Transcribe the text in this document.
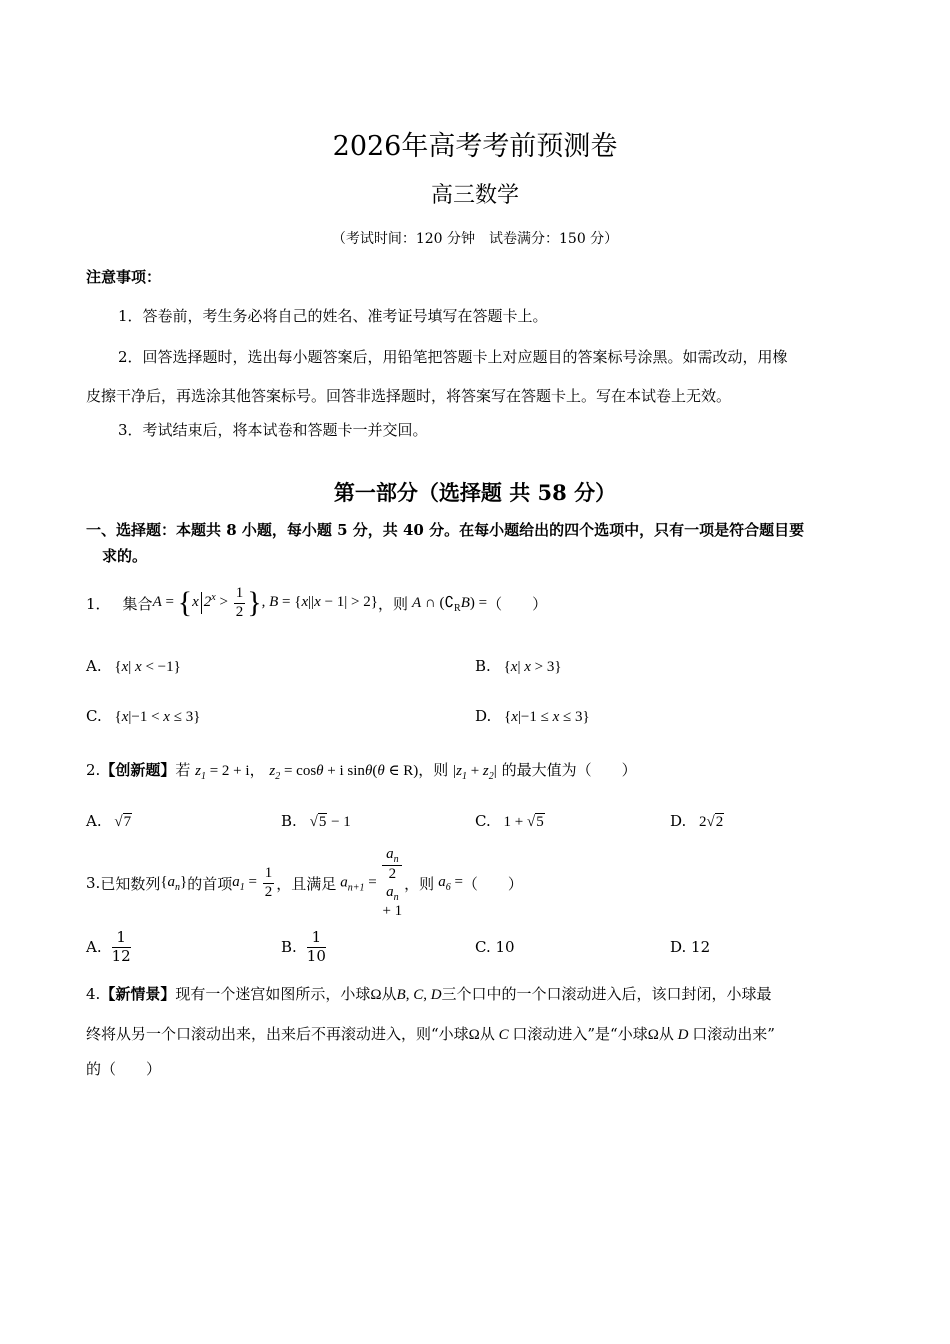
2026年高考考前预测卷
高三数学
（考试时间：120 分钟　试卷满分：150 分）
注意事项：
1．答卷前，考生务必将自己的姓名、准考证号填写在答题卡上。
2．回答选择题时，选出每小题答案后，用铅笔把答题卡上对应题目的答案标号涂黑。如需改动，用橡
皮擦干净后，再选涂其他答案标号。回答非选择题时，将答案写在答题卡上。写在本试卷上无效。
3．考试结束后，将本试卷和答题卡一并交回。
第一部分（选择题 共 58 分）
一、选择题：本题共 8 小题，每小题 5 分，共 40 分。在每小题给出的四个选项中，只有一项是符合题目要
求的。
1． 集合 A = {x $2^x > \frac{1}{2}$ }, B = {x||x − 1| > 2} ，则 A ∩ $(∁_RB)$ = （　　）
A. {x| x < −1}	B. {x| x > 3}
C. {x|−1 < x ≤ 3}	D. {x|−1 ≤ x ≤ 3}
2.【创新题】若 $z_1 = 2 + i$， $z_2 = \cos\theta + i$ sinθ(θ ∈ R)，则 $|z_1 + z_2|$ 的最大值为（　　）
A. √7	B. √5 − 1	C. 1 + √5	D. 2√2
3. 已知数列 $\{a_n\}$ 的首项 $a_1 = \frac{1}{2}$ ，且满足 $a_{n+1} = a_n$
2
$a_n$
+ 1 ，则 $a_6$ = （　　）
A. $\frac{1}{12}$	B. $\frac{1}{10}$	C. 10	D. 12
4.【新情景】现有一个迷宫如图所示，小球Ω从B, C, D三个口中的一个口滚动进入后，该口封闭，小球最
终将从另一个口滚动出来，出来后不再滚动进入，则“小球Ω从 C 口滚动进入”是“小球Ω从 D 口滚动出来”
的（　　）
